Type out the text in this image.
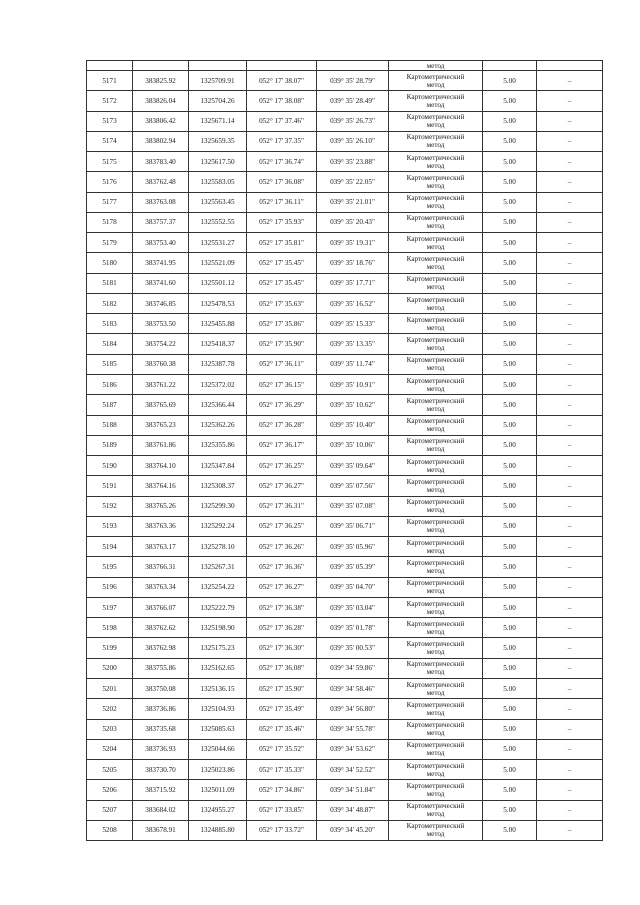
					метод		
5171	383825.92	1325709.91	052° 17' 38.07"	039° 35' 28.79"	Картометрический
метод	5.00	–
5172	383826.04	1325704.26	052° 17' 38.08"	039° 35' 28.49"	Картометрический
метод	5.00	–
5173	383806.42	1325671.14	052° 17' 37.46"	039° 35' 26.73"	Картометрический
метод	5.00	–
5174	383802.94	1325659.35	052° 17' 37.35"	039° 35' 26.10"	Картометрический
метод	5.00	–
5175	383783.40	1325617.50	052° 17' 36.74"	039° 35' 23.88"	Картометрический
метод	5.00	–
5176	383762.48	1325583.05	052° 17' 36.08"	039° 35' 22.05"	Картометрический
метод	5.00	–
5177	383763.08	1325563.45	052° 17' 36.11"	039° 35' 21.01"	Картометрический
метод	5.00	–
5178	383757.37	1325552.55	052° 17' 35.93"	039° 35' 20.43"	Картометрический
метод	5.00	–
5179	383753.40	1325531.27	052° 17' 35.81"	039° 35' 19.31"	Картометрический
метод	5.00	–
5180	383741.95	1325521.09	052° 17' 35.45"	039° 35' 18.76"	Картометрический
метод	5.00	–
5181	383741.60	1325501.12	052° 17' 35.45"	039° 35' 17.71"	Картометрический
метод	5.00	–
5182	383746.85	1325478.53	052° 17' 35.63"	039° 35' 16.52"	Картометрический
метод	5.00	–
5183	383753.50	1325455.88	052° 17' 35.86"	039° 35' 15.33"	Картометрический
метод	5.00	–
5184	383754.22	1325418.37	052° 17' 35.90"	039° 35' 13.35"	Картометрический
метод	5.00	–
5185	383760.38	1325387.78	052° 17' 36.11"	039° 35' 11.74"	Картометрический
метод	5.00	–
5186	383761.22	1325372.02	052° 17' 36.15"	039° 35' 10.91"	Картометрический
метод	5.00	–
5187	383765.69	1325366.44	052° 17' 36.29"	039° 35' 10.62"	Картометрический
метод	5.00	–
5188	383765.23	1325362.26	052° 17' 36.28"	039° 35' 10.40"	Картометрический
метод	5.00	–
5189	383761.86	1325355.86	052° 17' 36.17"	039° 35' 10.06"	Картометрический
метод	5.00	–
5190	383764.10	1325347.84	052° 17' 36.25"	039° 35' 09.64"	Картометрический
метод	5.00	–
5191	383764.16	1325308.37	052° 17' 36.27"	039° 35' 07.56"	Картометрический
метод	5.00	–
5192	383765.26	1325299.30	052° 17' 36.31"	039° 35' 07.08"	Картометрический
метод	5.00	–
5193	383763.36	1325292.24	052° 17' 36.25"	039° 35' 06.71"	Картометрический
метод	5.00	–
5194	383763.17	1325278.10	052° 17' 36.26"	039° 35' 05.96"	Картометрический
метод	5.00	–
5195	383766.31	1325267.31	052° 17' 36.36"	039° 35' 05.39"	Картометрический
метод	5.00	–
5196	383763.34	1325254.22	052° 17' 36.27"	039° 35' 04.70"	Картометрический
метод	5.00	–
5197	383766.07	1325222.79	052° 17' 36.38"	039° 35' 03.04"	Картометрический
метод	5.00	–
5198	383762.62	1325198.90	052° 17' 36.28"	039° 35' 01.78"	Картометрический
метод	5.00	–
5199	383762.98	1325175.23	052° 17' 36.30"	039° 35' 00.53"	Картометрический
метод	5.00	–
5200	383755.86	1325162.65	052° 17' 36.08"	039° 34' 59.86"	Картометрический
метод	5.00	–
5201	383750.08	1325136.15	052° 17' 35.90"	039° 34' 58.46"	Картометрический
метод	5.00	–
5202	383736.86	1325104.93	052° 17' 35.49"	039° 34' 56.80"	Картометрический
метод	5.00	–
5203	383735.68	1325085.63	052° 17' 35.46"	039° 34' 55.78"	Картометрический
метод	5.00	–
5204	383736.93	1325044.66	052° 17' 35.52"	039° 34' 53.62"	Картометрический
метод	5.00	–
5205	383730.70	1325023.86	052° 17' 35.33"	039° 34' 52.52"	Картометрический
метод	5.00	–
5206	383715.92	1325011.09	052° 17' 34.86"	039° 34' 51.84"	Картометрический
метод	5.00	–
5207	383684.02	1324955.27	052° 17' 33.85"	039° 34' 48.87"	Картометрический
метод	5.00	–
5208	383678.91	1324885.80	052° 17' 33.72"	039° 34' 45.20"	Картометрический
метод	5.00	–
